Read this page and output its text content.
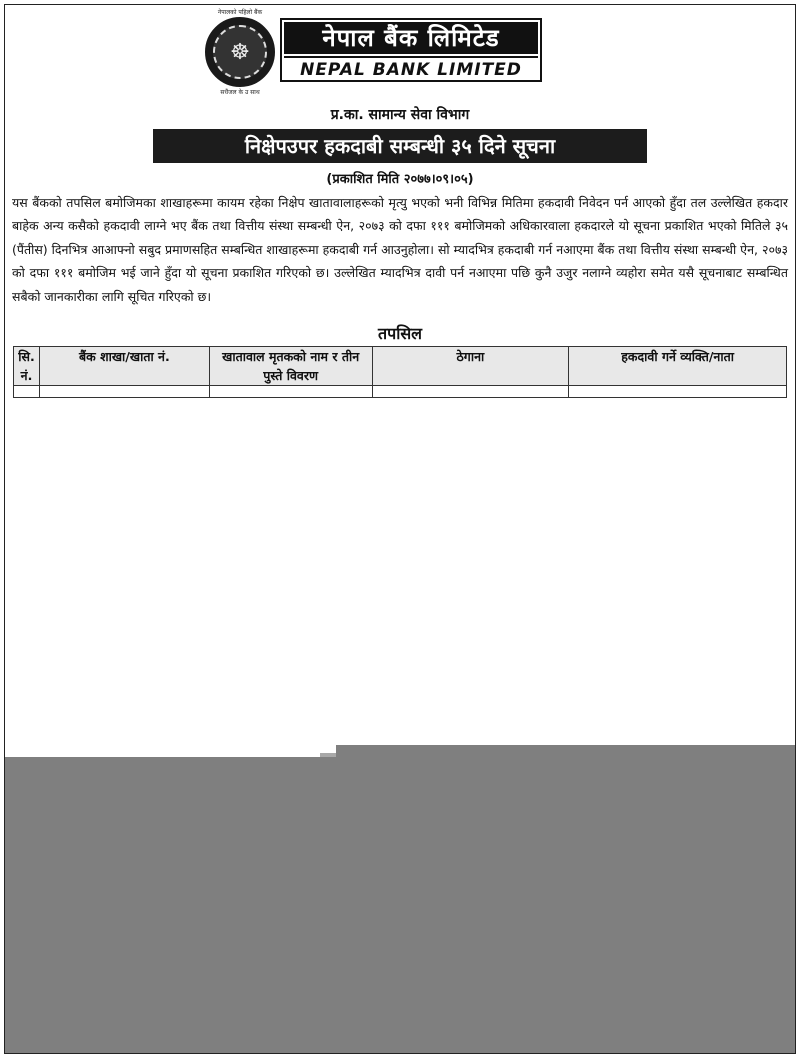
नेपालको पहिलो बैंक
☸
सधैंजल के उ साथ
नेपाल बैंक लिमिटेड
NEPAL BANK LIMITED
प्र.का. सामान्य सेवा विभाग
निक्षेपउपर हकदाबी सम्बन्धी ३५ दिने सूचना
(प्रकाशित मिति २०७७।०९।०५)
यस बैंकको तपसिल बमोजिमका शाखाहरूमा कायम रहेका निक्षेप खातावालाहरूको मृत्यु भएको भनी विभिन्न मितिमा हकदावी निवेदन पर्न आएको हुँदा तल उल्लेखित हकदार बाहेक अन्य कसैको हकदावी लाग्ने भए बैंक तथा वित्तीय संस्था सम्बन्धी ऐन, २०७३ को दफा १११ बमोजिमको अधिकारवाला हकदारले यो सूचना प्रकाशित भएको मितिले ३५ (पैंतीस) दिनभित्र आआफ्नो सबुद प्रमाणसहित सम्बन्धित शाखाहरूमा हकदाबी गर्न आउनुहोला। सो म्यादभित्र हकदाबी गर्न नआएमा बैंक तथा वित्तीय संस्था सम्बन्धी ऐन, २०७३ को दफा १११ बमोजिम भई जाने हुँदा यो सूचना प्रकाशित गरिएको छ। उल्लेखित म्यादभित्र दावी पर्न नआएमा पछि कुनै उजुर नलाग्ने व्यहोरा समेत यसै सूचनाबाट सम्बन्धित सबैको जानकारीका लागि सूचित गरिएको छ।
तपसिल
सि. नं.	बैंक शाखा/खाता नं.	खातावाल मृतकको नाम र तीन पुस्ते विवरण	ठेगाना	हकदावी गर्ने व्यक्ति/नाता
